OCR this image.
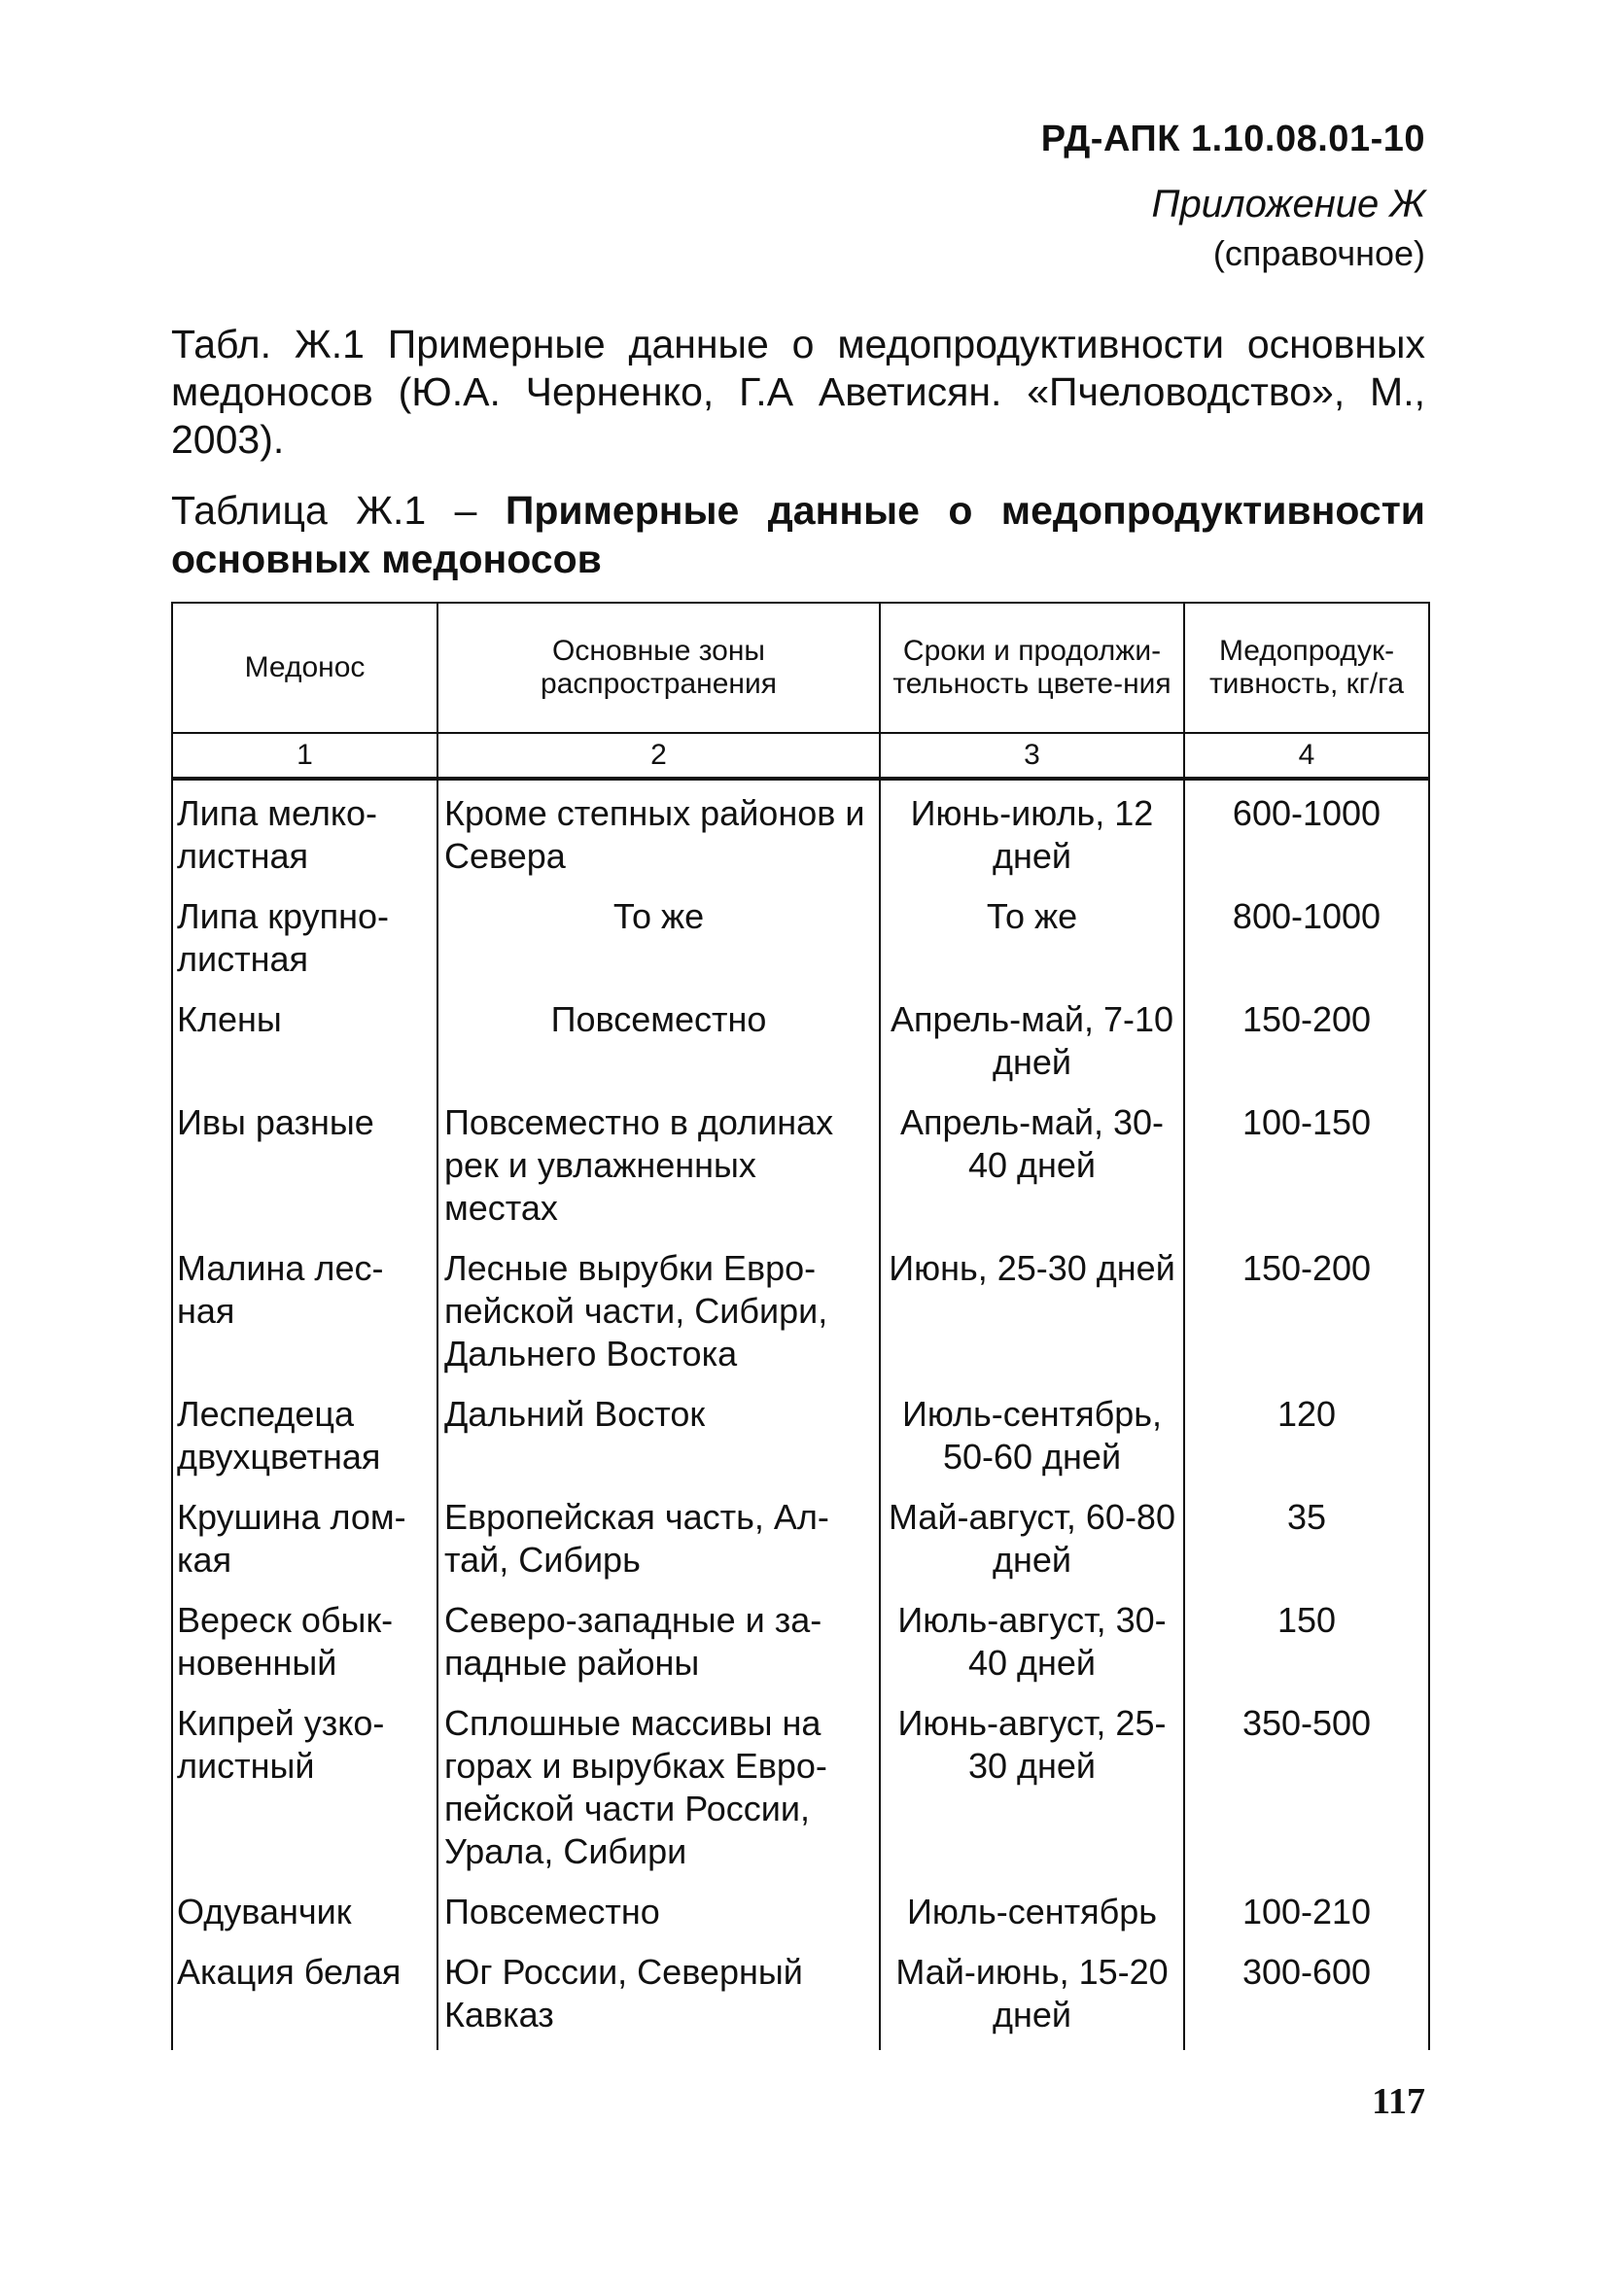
РД-АПК 1.10.08.01-10
Приложение Ж
(справочное)
Табл. Ж.1 Примерные данные о медопродуктивности основных медоносов (Ю.А. Черненко, Г.А Аветисян. «Пчеловодство», М., 2003).
Таблица Ж.1 – Примерные данные о медопродуктивности основных медоносов
Медонос	Основные зоны распространения	Сроки и продолжи-тельность цвете-ния	Медопродук-тивность, кг/га
1	2	3	4
Липа мелко-листная	Кроме степных районов и Севера	Июнь-июль, 12 дней	600-1000
Липа крупно-листная	То же	То же	800-1000
Клены	Повсеместно	Апрель-май, 7-10 дней	150-200
Ивы разные	Повсеместно в долинах рек и увлажненных местах	Апрель-май, 30-40 дней	100-150
Малина лес-ная	Лесные вырубки Евро-пейской части, Сибири, Дальнего Востока	Июнь, 25-30 дней	150-200
Леспедеца двухцветная	Дальний Восток	Июль-сентябрь, 50-60 дней	120
Крушина лом-кая	Европейская часть, Ал-тай, Сибирь	Май-август, 60-80 дней	35
Вереск обык-новенный	Северо-западные и за-падные районы	Июль-август, 30-40 дней	150
Кипрей узко-листный	Сплошные массивы на горах и вырубках Евро-пейской части России, Урала, Сибири	Июнь-август, 25-30 дней	350-500
Одуванчик	Повсеместно	Июль-сентябрь	100-210
Акация белая	Юг России, Северный Кавказ	Май-июнь, 15-20 дней	300-600
117
